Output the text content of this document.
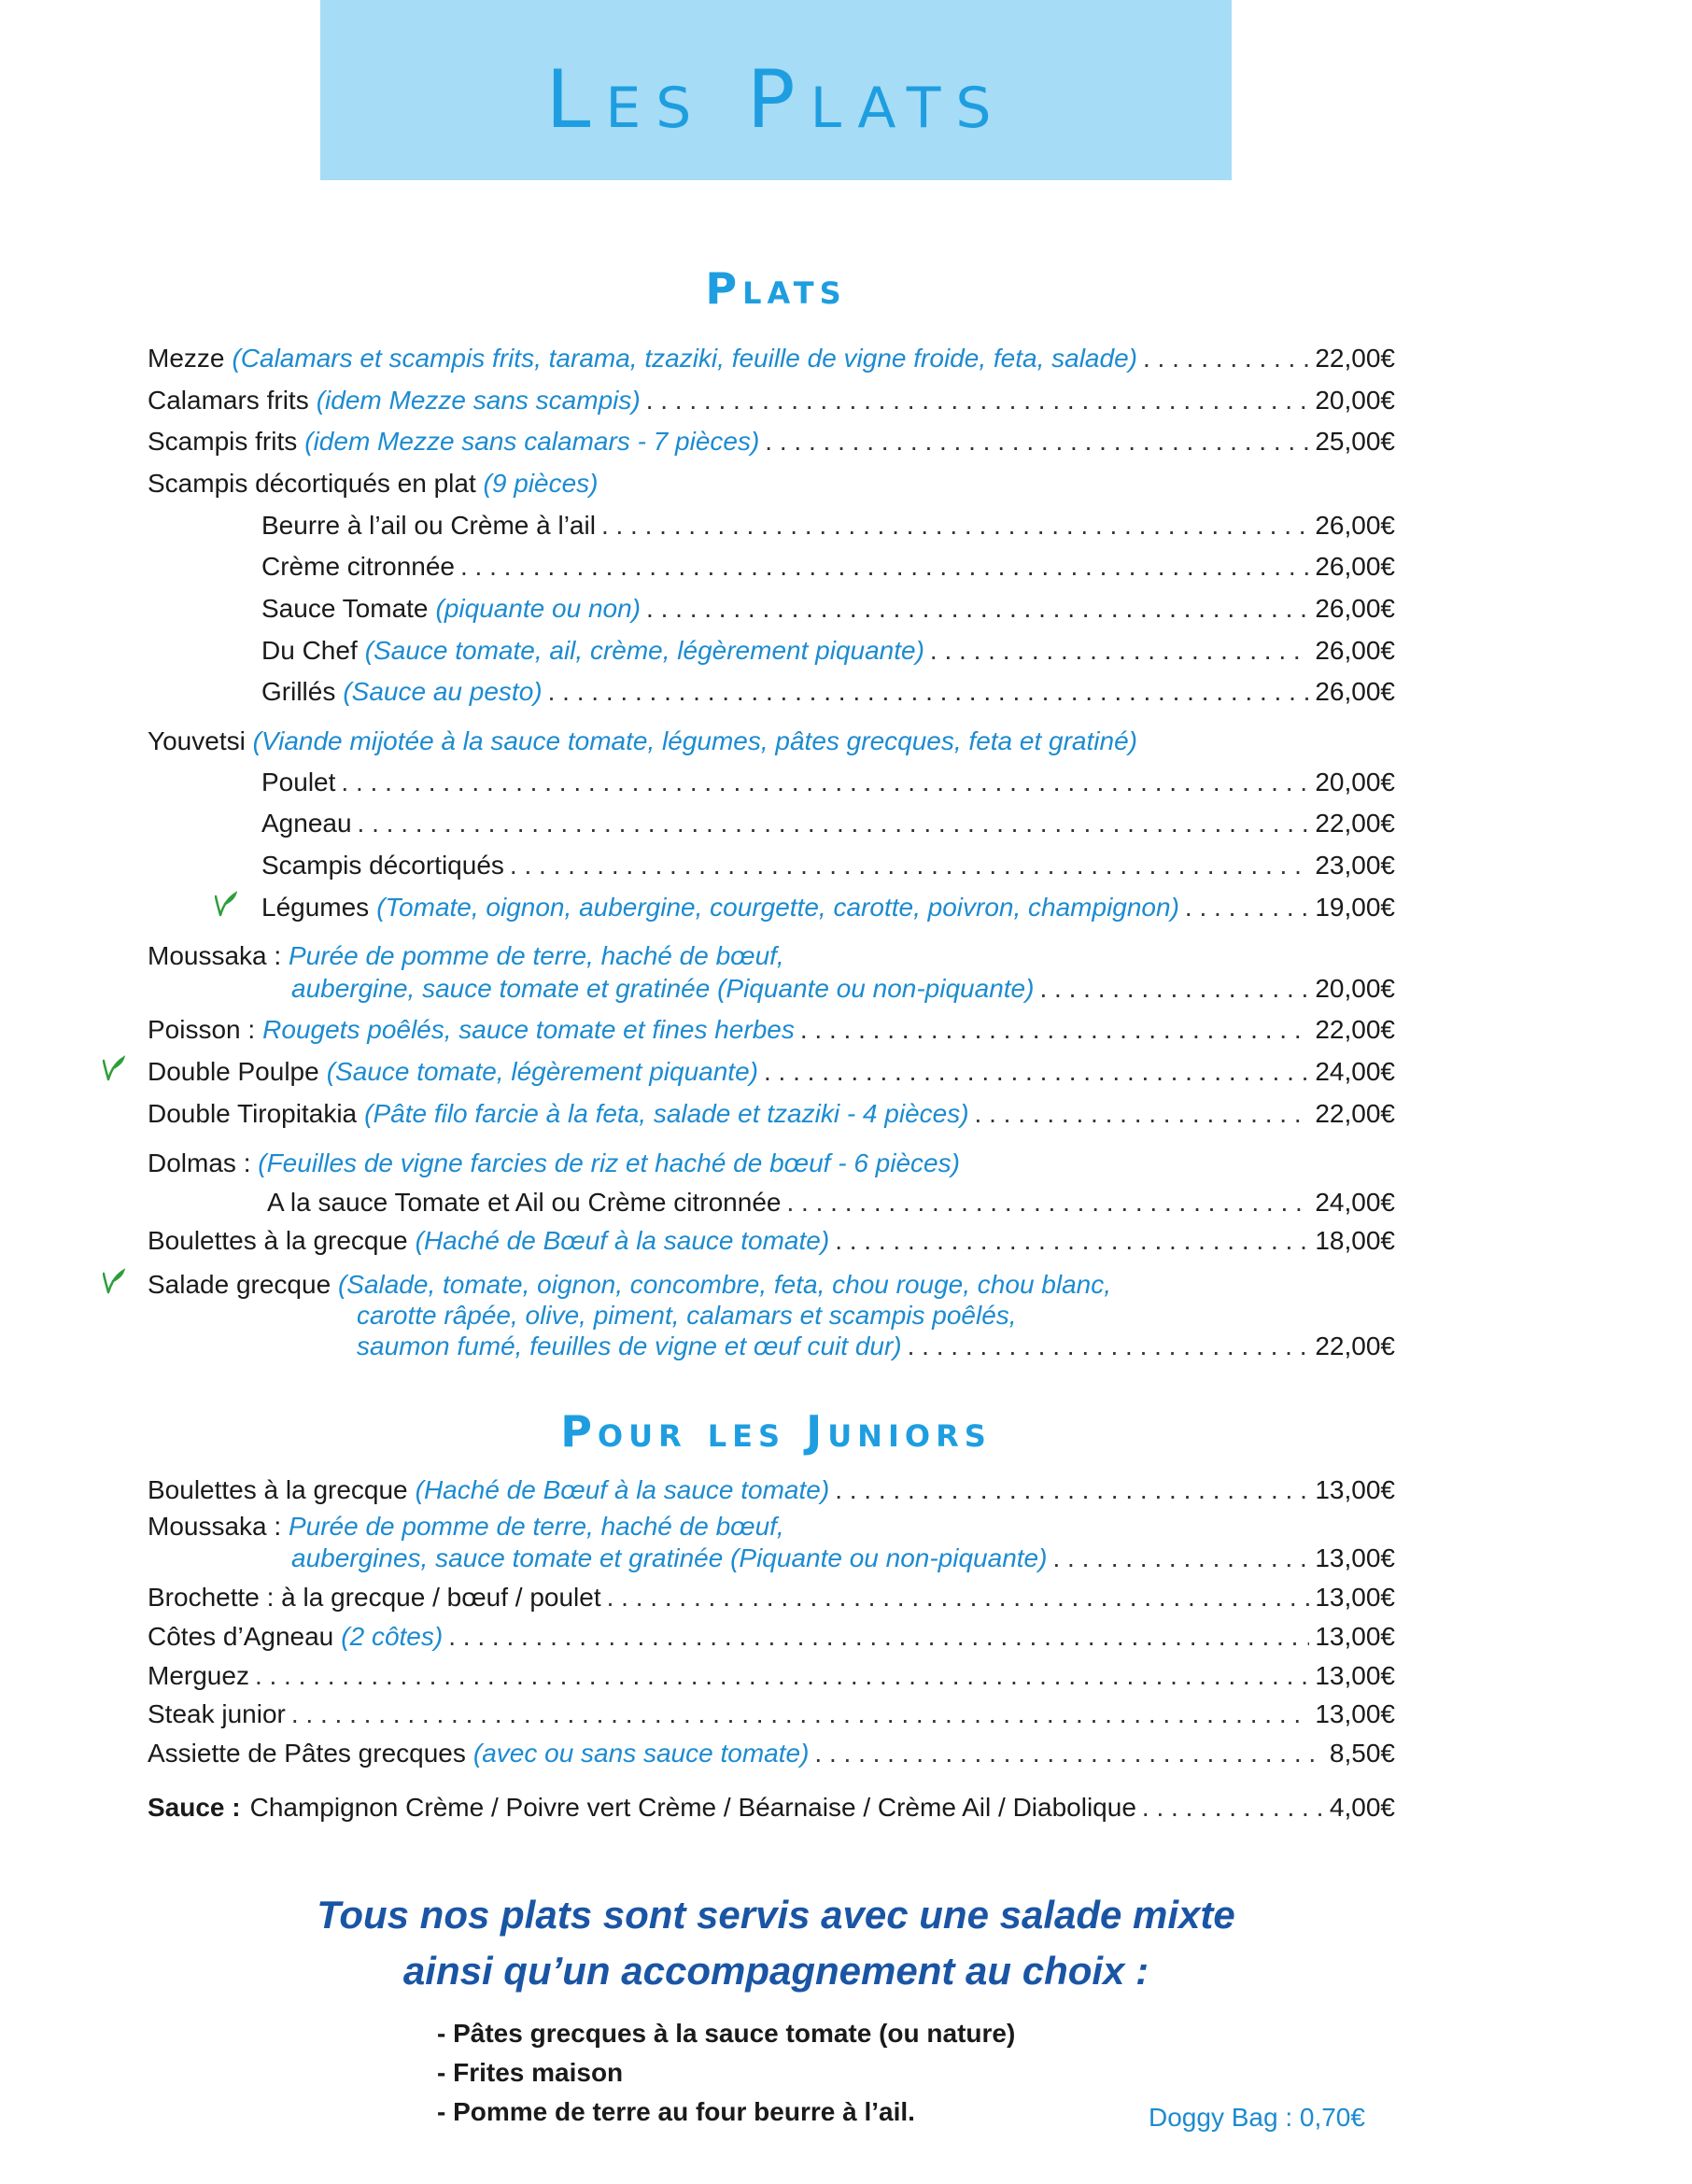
Les Plats
Plats
Mezze (Calamars et scampis frits, tarama, tzaziki, feuille de vigne froide, feta, salade) . . .	22,00€
Calamars frits (idem Mezze sans scampis) . . .	20,00€
Scampis frits (idem Mezze sans calamars - 7 pièces) . . .	25,00€
Scampis décortiqués en plat (9 pièces)
Beurre à l’ail ou Crème à l’ail . . .	26,00€
Crème citronnée . . .	26,00€
Sauce Tomate (piquante ou non) . . .	26,00€
Du Chef (Sauce tomate, ail, crème, légèrement piquante) . . .	26,00€
Grillés (Sauce au pesto) . . .	26,00€
Youvetsi (Viande mijotée à la sauce tomate, légumes, pâtes grecques, feta et gratiné)
Poulet . . .	20,00€
Agneau . . .	22,00€
Scampis décortiqués . . .	23,00€
Légumes (Tomate, oignon, aubergine, courgette, carotte, poivron, champignon) . . .	19,00€
Moussaka : Purée de pomme de terre, haché de bœuf,
aubergine, sauce tomate et gratinée (Piquante ou non-piquante) . . .	20,00€
Poisson : Rougets poêlés, sauce tomate et fines herbes . . .	22,00€
Double Poulpe (Sauce tomate, légèrement piquante) . . .	24,00€
Double Tiropitakia (Pâte filo farcie à la feta, salade et tzaziki - 4 pièces) . . .	22,00€
Dolmas : (Feuilles de vigne farcies de riz et haché de bœuf - 6 pièces)
A la sauce Tomate et Ail ou Crème citronnée . . .	24,00€
Boulettes à la grecque (Haché de Bœuf à la sauce tomate) . . .	18,00€
Salade grecque (Salade, tomate, oignon, concombre, feta, chou rouge, chou blanc,
carotte râpée, olive, piment, calamars et scampis poêlés,
saumon fumé, feuilles de vigne et œuf cuit dur) . . .	22,00€
Pour les Juniors
Boulettes à la grecque (Haché de Bœuf à la sauce tomate) . . .	13,00€
Moussaka : Purée de pomme de terre, haché de bœuf,
aubergines, sauce tomate et gratinée (Piquante ou non-piquante) . . .	13,00€
Brochette : à la grecque / bœuf / poulet . . .	13,00€
Côtes d’Agneau (2 côtes) . . .	13,00€
Merguez . . .	13,00€
Steak junior . . .	13,00€
Assiette de Pâtes grecques (avec ou sans sauce tomate) . . .	8,50€
Sauce : Champignon Crème / Poivre vert Crème / Béarnaise / Crème Ail / Diabolique . . .	4,00€
Tous nos plats sont servis avec une salade mixte
ainsi qu’un accompagnement au choix :
- Pâtes grecques à la sauce tomate (ou nature)
- Frites maison
- Pomme de terre au four beurre à l’ail.	Doggy Bag : 0,70€
